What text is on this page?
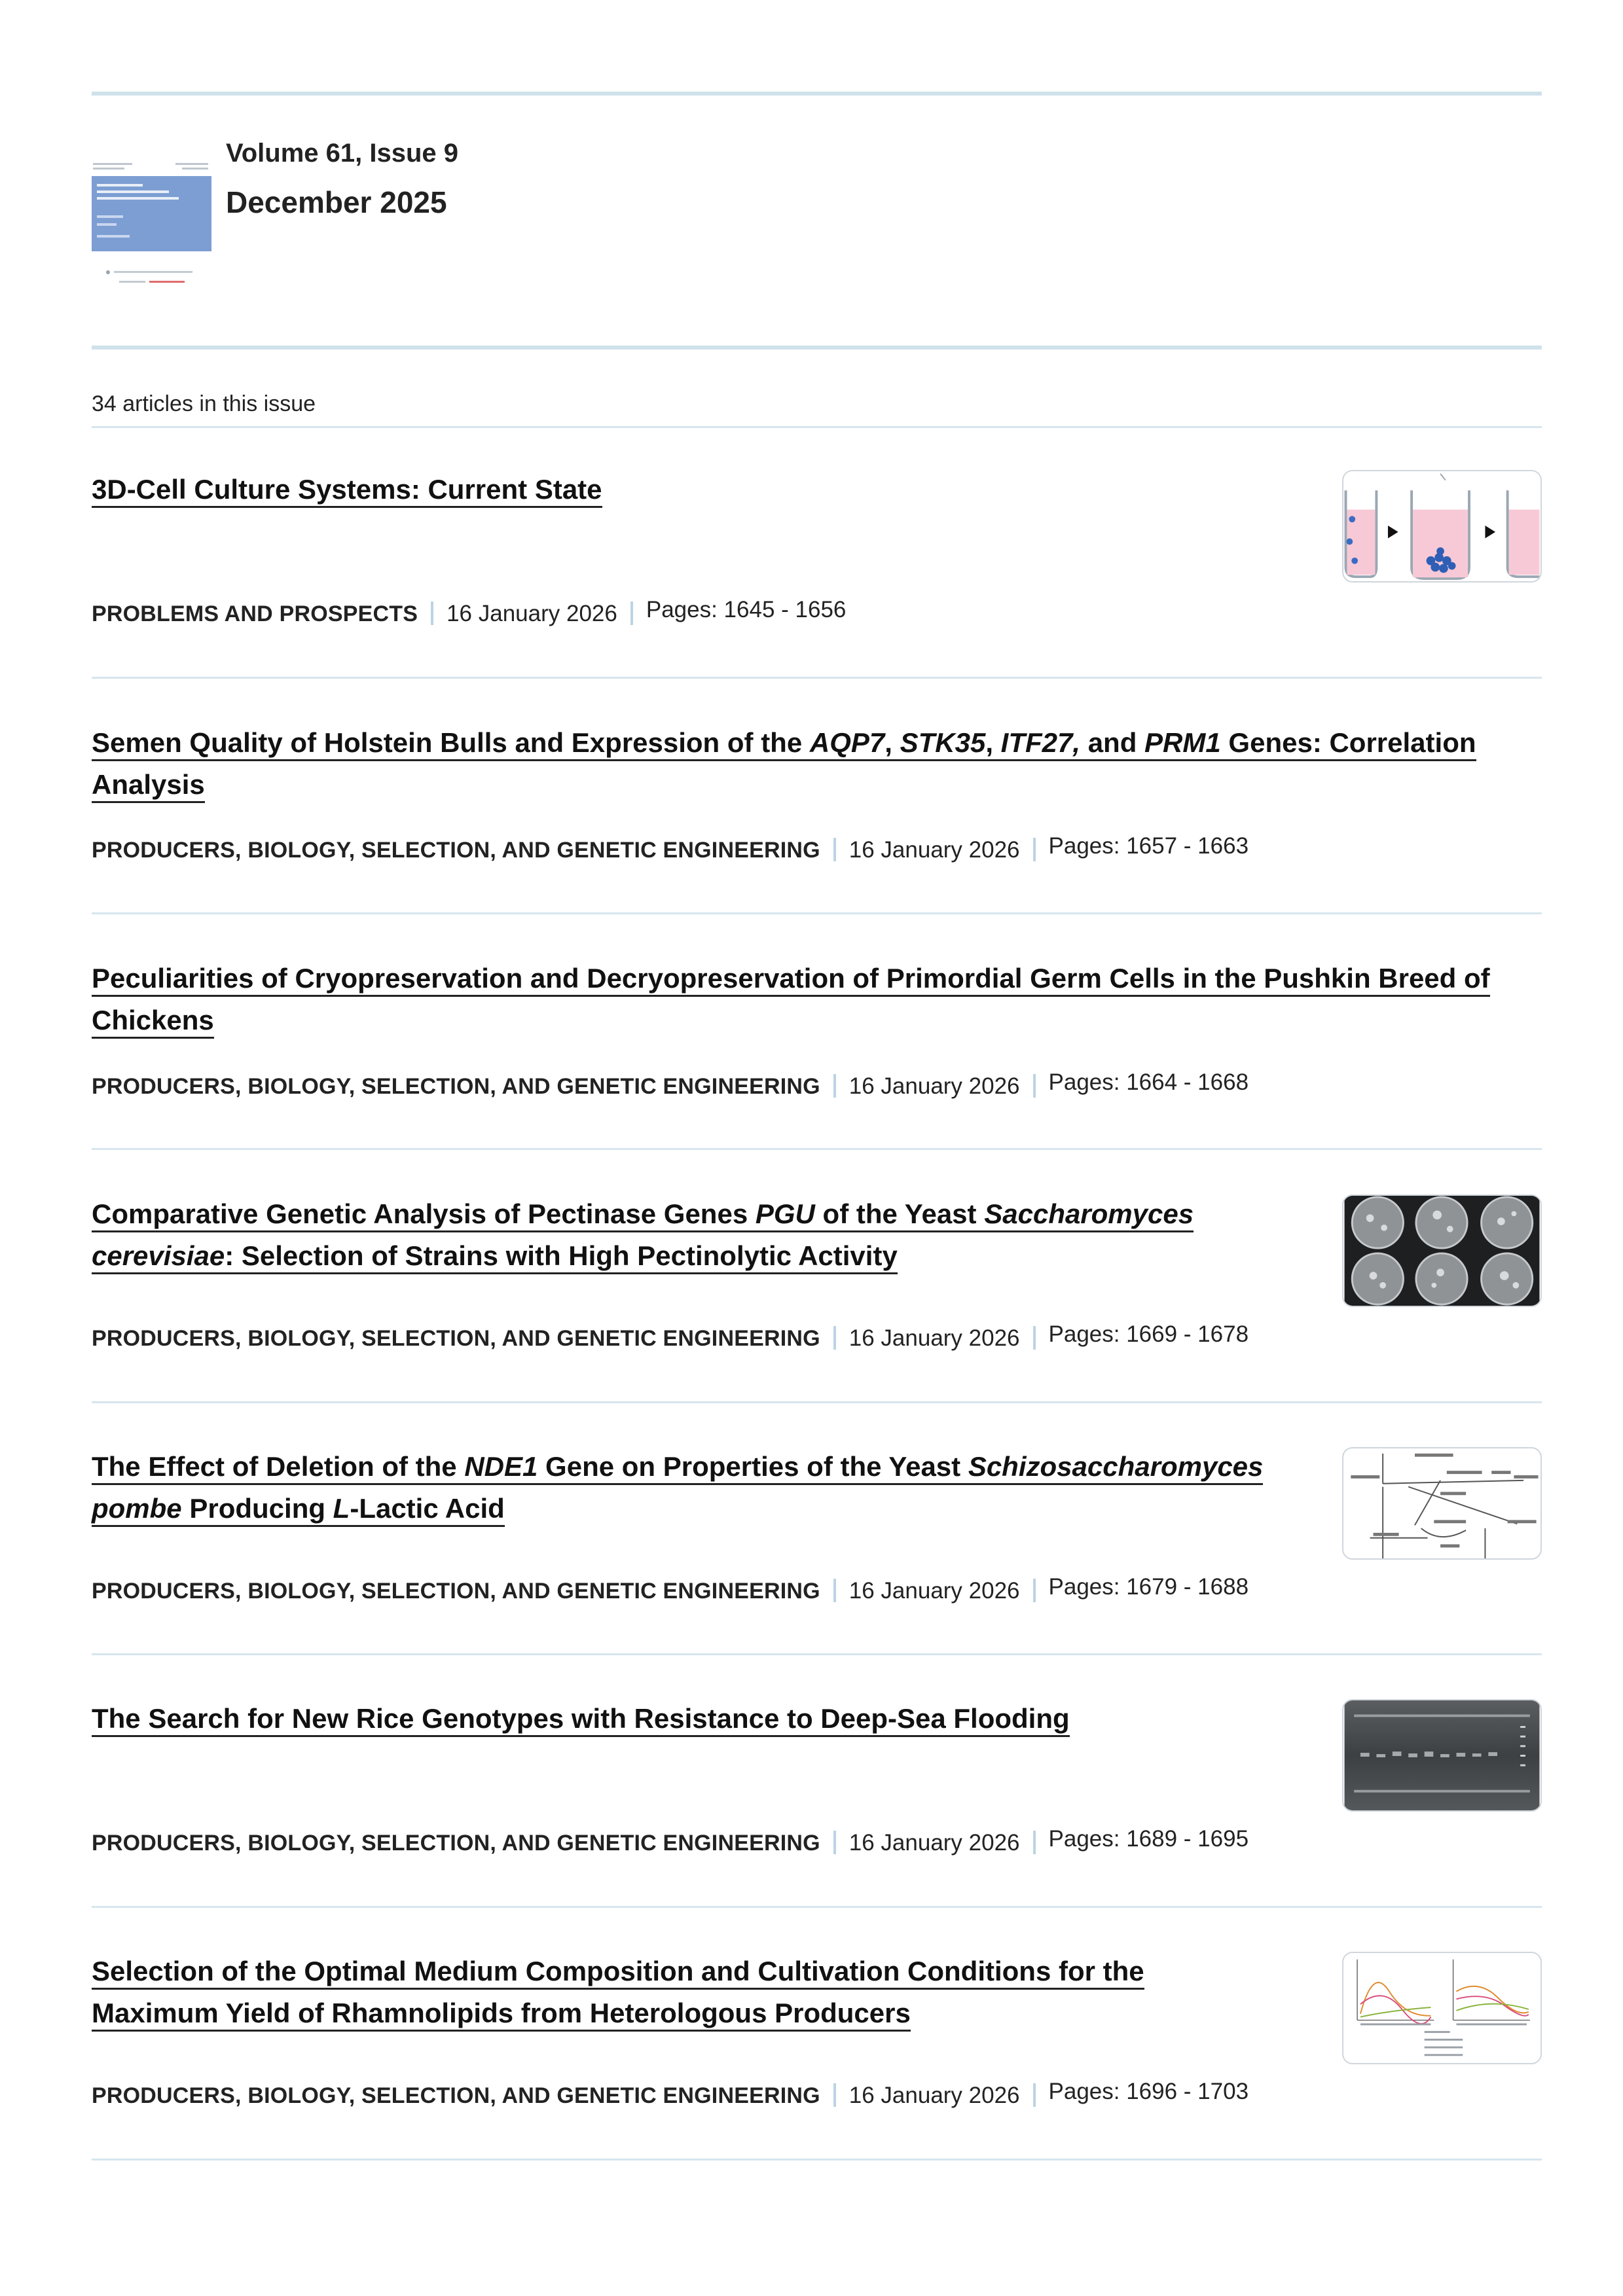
Volume 61, Issue 9
December 2025
34 articles in this issue
3D-Cell Culture Systems: Current State
PROBLEMS AND PROSPECTS 16 January 2026 Pages: 1645 - 1656
Semen Quality of Holstein Bulls and Expression of the AQP7, STK35, ITF27, and PRM1 Genes: Correlation
Analysis
PRODUCERS, BIOLOGY, SELECTION, AND GENETIC ENGINEERING 16 January 2026 Pages: 1657 - 1663
Peculiarities of Cryopreservation and Decryopreservation of Primordial Germ Cells in the Pushkin Breed of
Chickens
PRODUCERS, BIOLOGY, SELECTION, AND GENETIC ENGINEERING 16 January 2026 Pages: 1664 - 1668
Comparative Genetic Analysis of Pectinase Genes PGU of the Yeast Saccharomyces
cerevisiae: Selection of Strains with High Pectinolytic Activity
PRODUCERS, BIOLOGY, SELECTION, AND GENETIC ENGINEERING 16 January 2026 Pages: 1669 - 1678
The Effect of Deletion of the NDE1 Gene on Properties of the Yeast Schizosaccharomyces
pombe Producing L-Lactic Acid
PRODUCERS, BIOLOGY, SELECTION, AND GENETIC ENGINEERING 16 January 2026 Pages: 1679 - 1688
The Search for New Rice Genotypes with Resistance to Deep-Sea Flooding
PRODUCERS, BIOLOGY, SELECTION, AND GENETIC ENGINEERING 16 January 2026 Pages: 1689 - 1695
Selection of the Optimal Medium Composition and Cultivation Conditions for the
Maximum Yield of Rhamnolipids from Heterologous Producers
PRODUCERS, BIOLOGY, SELECTION, AND GENETIC ENGINEERING 16 January 2026 Pages: 1696 - 1703
